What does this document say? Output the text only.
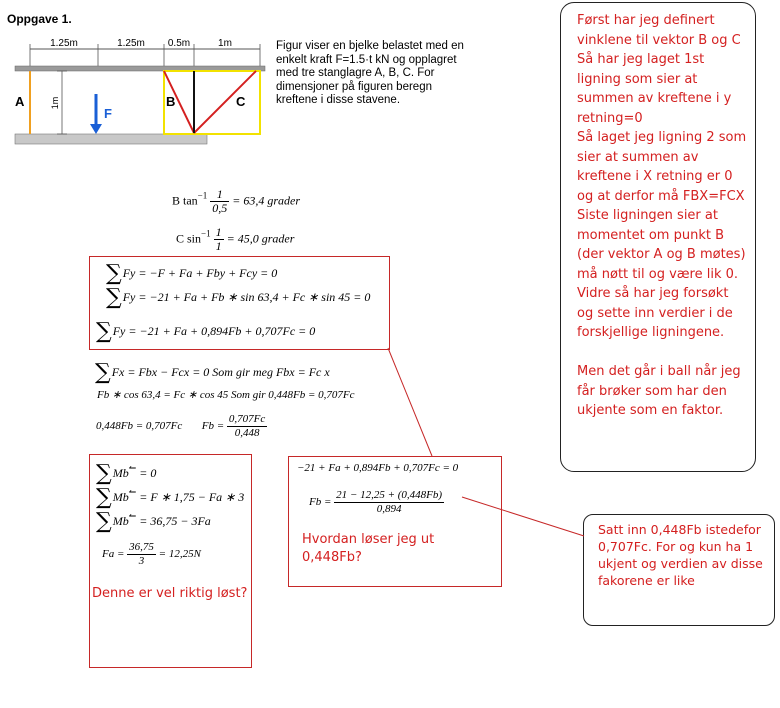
Oppgave 1.
1.25m	1.25m 0.5m	1m
1m
F
A	B	C
Figur viser en bjelke belastet med en enkelt kraft F=1.5·t kN og opplagret med tre stanglagre A, B, C. For dimensjoner på figuren beregn kreftene i disse stavene.
B $\tan^{-1} \frac{1}{0,5} = 63,4$ grader
C $\sin^{-1} \frac{1}{1} = 45,0$ grader
∑Fy = −F + Fa + Fby + Fcy = 0
∑Fy = −21 + Fa + Fb ∗ sin 63,4 + Fc ∗ sin 45 = 0
∑Fy = −21 + Fa + 0,894Fb + 0,707Fc = 0
∑Fx = Fbx − Fcx = 0 Som gir meg Fbx = Fc x
Fb ∗ cos 63,4 = Fc ∗ cos 45 Som gir 0,448Fb = 0,707Fc
0,448Fb = 0,707Fc $Fb = \frac{0,707Fc}{0,448}$
∑Mb↼ = 0
∑Mb↼ = F ∗ 1,75 − Fa ∗ 3
∑Mb↼ = 36,75 − 3Fa
$Fa = \frac{36,75}{3} = 12,25N$
Denne er vel riktig løst?
−21 + Fa + 0,894Fb + 0,707Fc = 0
$Fb = \frac{21 - 12,25 + (0,448Fb)}{0,894}$
Hvordan løser jeg ut 0,448Fb?
Først har jeg definert vinklene til vektor B og C
Så har jeg laget 1st ligning som sier at summen av kreftene i y retning=0
Så laget jeg ligning 2 som sier at summen av kreftene i X retning er 0 og at derfor må FBX=FCX
Siste ligningen sier at momentet om punkt B (der vektor A og B møtes) må nøtt til og være lik 0.
Vidre så har jeg forsøkt og sette inn verdier i de forskjellige ligningene.

Men det går i ball når jeg får brøker som har den ukjente som en faktor.
Satt inn 0,448Fb istedefor 0,707Fc. For og kun ha 1 ukjent og verdien av disse fakorene er like
